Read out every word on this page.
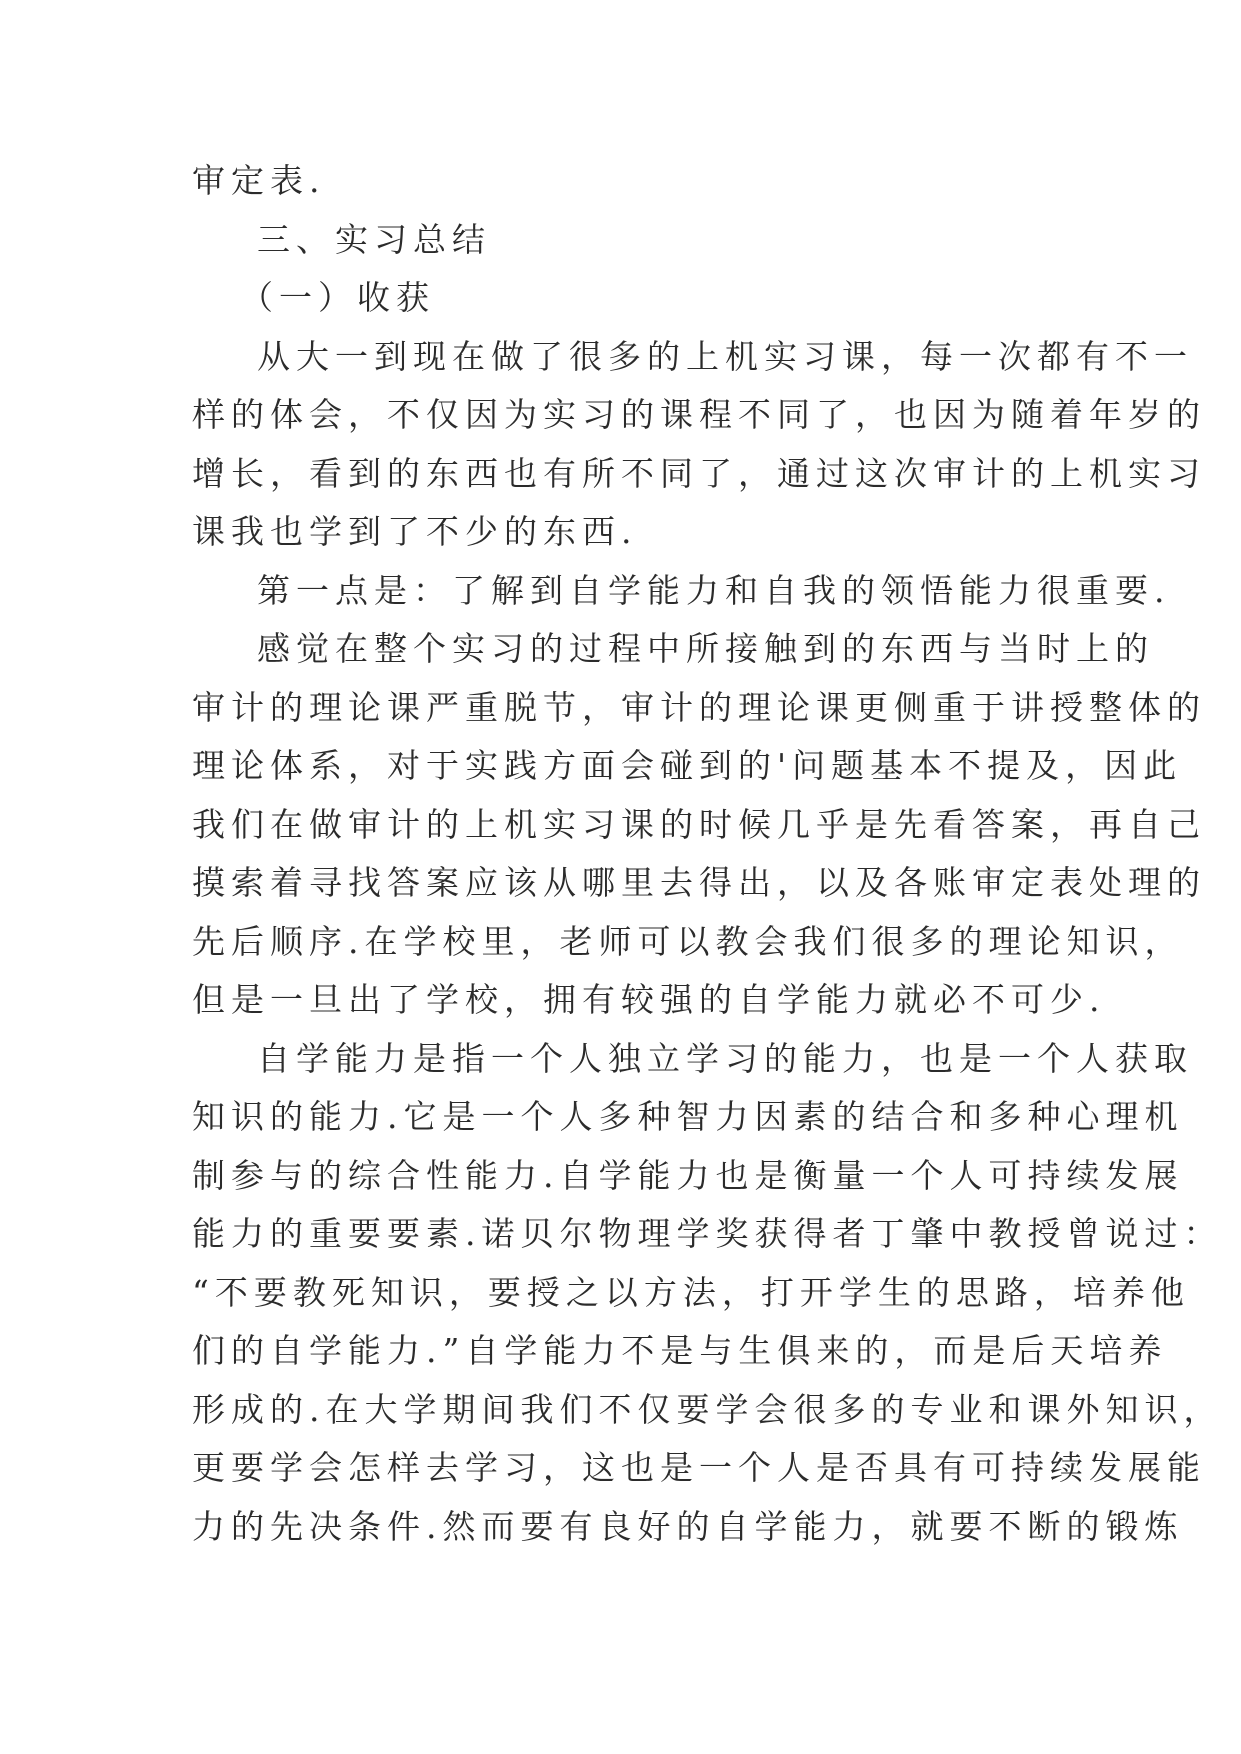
审定表.
三、实习总结
（一）收获
从大一到现在做了很多的上机实习课，每一次都有不一
样的体会，不仅因为实习的课程不同了，也因为随着年岁的
增长，看到的东西也有所不同了，通过这次审计的上机实习
课我也学到了不少的东西.
第一点是：了解到自学能力和自我的领悟能力很重要.
感觉在整个实习的过程中所接触到的东西与当时上的
审计的理论课严重脱节，审计的理论课更侧重于讲授整体的
理论体系，对于实践方面会碰到的'问题基本不提及，因此
我们在做审计的上机实习课的时候几乎是先看答案，再自己
摸索着寻找答案应该从哪里去得出，以及各账审定表处理的
先后顺序.在学校里，老师可以教会我们很多的理论知识，
但是一旦出了学校，拥有较强的自学能力就必不可少.
自学能力是指一个人独立学习的能力，也是一个人获取
知识的能力.它是一个人多种智力因素的结合和多种心理机
制参与的综合性能力.自学能力也是衡量一个人可持续发展
能力的重要要素.诺贝尔物理学奖获得者丁肇中教授曾说过：
“不要教死知识，要授之以方法，打开学生的思路，培养他
们的自学能力.”自学能力不是与生俱来的，而是后天培养
形成的.在大学期间我们不仅要学会很多的专业和课外知识，
更要学会怎样去学习，这也是一个人是否具有可持续发展能
力的先决条件.然而要有良好的自学能力，就要不断的锻炼
